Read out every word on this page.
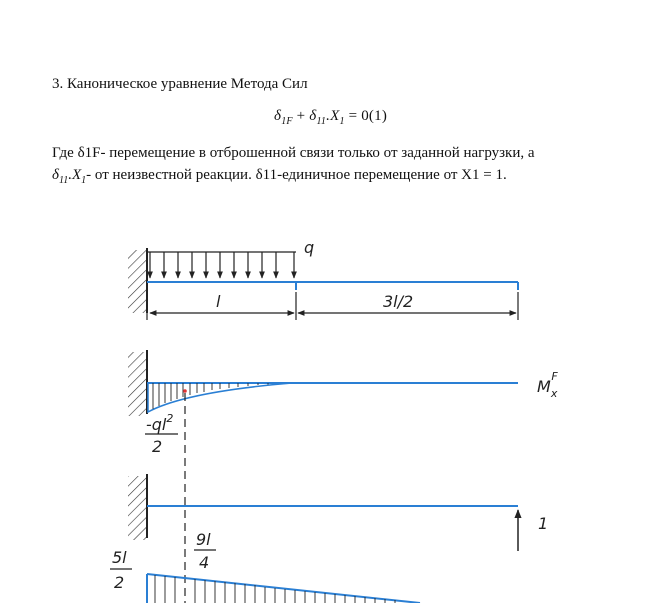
3. Каноническое уравнение Метода Сил
$\delta_{1F} + \delta_{11}.X_1 = 0(1)$
Где δ1F- перемещение в отброшенной связи только от заданной нагрузки, а
$\delta_{11}.X_1-$ от неизвестной реакции. δ11-единичное перемещение от X1 = 1.
q
l	3l/2
$M_xF$
$-ql^2$
2
1
9l
4
5l
2
